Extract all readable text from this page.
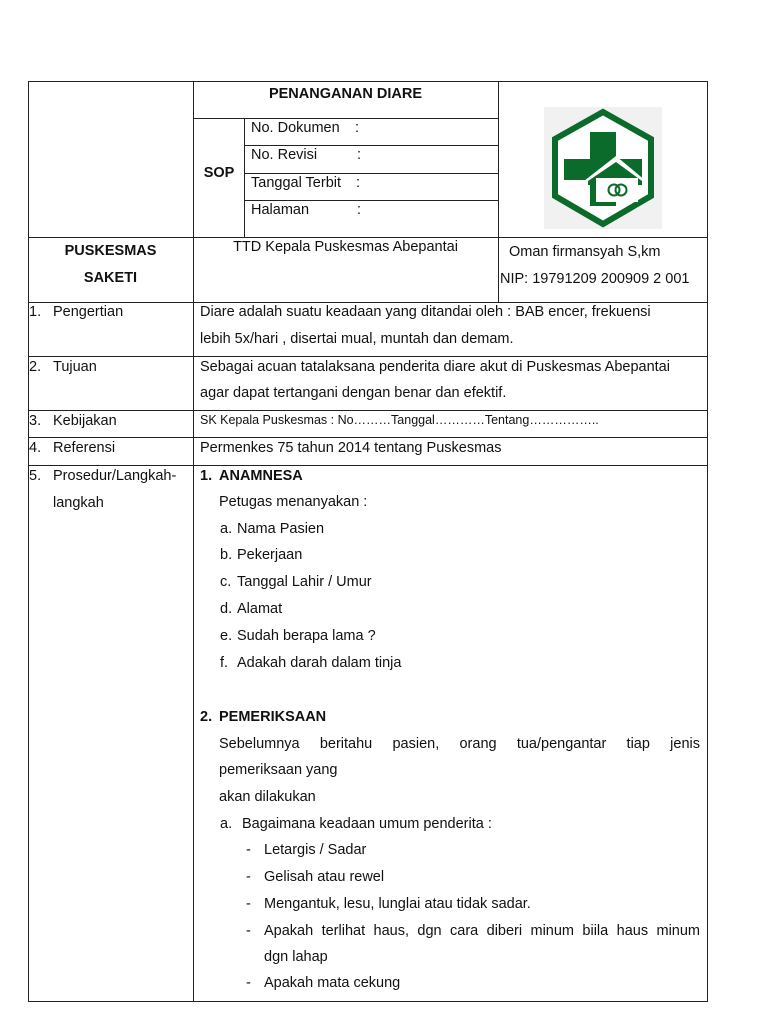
PENANGANAN DIARE
SOP
No. Dokumen :
No. Revisi	:
Tanggal Terbit :
Halaman	:
PUSKESMAS
SAKETI
TTD Kepala Puskesmas Abepantai	Oman firmansyah S,km
NIP: 19791209 200909 2 001
1. Pengertian	Diare adalah suatu keadaan yang ditandai oleh : BAB encer, frekuensi
lebih 5x/hari , disertai mual, muntah dan demam.
2. Tujuan	Sebagai acuan tatalaksana penderita diare akut di Puskesmas Abepantai
agar dapat tertangani dengan benar dan efektif.
3. Kebijakan	SK Kepala Puskesmas : No………Tanggal…………Tentang……………..
4. Referensi	Permenkes 75 tahun 2014 tentang Puskesmas
5. Prosedur/Langkah-
langkah
1. ANAMNESA
Petugas menanyakan :
a. Nama Pasien
b. Pekerjaan
c. Tanggal Lahir / Umur
d. Alamat
e. Sudah berapa lama ?
f. Adakah darah dalam tinja
2. PEMERIKSAAN
Sebelumnya beritahu pasien, orang tua/pengantar tiap jenis
pemeriksaan yang
akan dilakukan
a. Bagaimana keadaan umum penderita :
- Letargis / Sadar
- Gelisah atau rewel
- Mengantuk, lesu, lunglai atau tidak sadar.
- Apakah terlihat haus, dgn cara diberi minum biila haus minum
dgn lahap
- Apakah mata cekung
